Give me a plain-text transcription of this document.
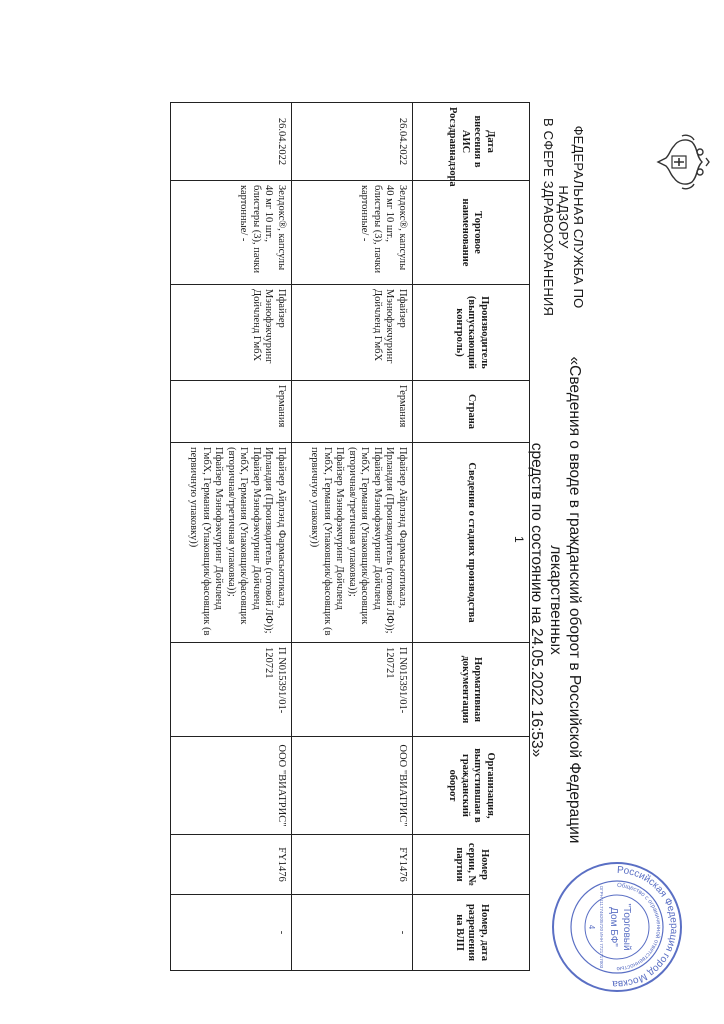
ФЕДЕРАЛЬНАЯ СЛУЖБА ПО НАДЗОРУ
В СФЕРЕ ЗДРАВООХРАНЕНИЯ
«Сведения о вводе в гражданский оборот в Российской Федерации лекарственных
средств по состоянию на 24.05.2022 16:53»
Дата внесения в АИС Росздравнадзора	Торговое наименование	Производитель (выпускающий контроль)	Страна	Сведения о стадиях производства	Нормативная документация	Организация, выпустившая в гражданский оборот	Номер серии, № партии	Номер, дата разрешения на ВЛП
26.04.2022	Зелдокс®, капсулы 40 мг 10 шт., блистеры (3), пачки картонные/ -	Пфайзер Мэнюфэкчуринг Дойчленд ГмбХ	Германия	Пфайзер Айрлэнд Фармасьютикалз, Ирландия (Производитель (готовой ЛФ)); Пфайзер Мэнюфэкчуринг Дойчленд ГмбХ, Германия (Упаковщик/фасовщик (вторичная/третичная упаковка)); Пфайзер Мэнюфэкчуринг Дойчленд ГмбХ, Германия (Упаковщик/фасовщик (в первичную упаковку))	П N015391/01-120721	ООО "ВИАТРИС"	FY1476	-
26.04.2022	Зелдокс®, капсулы 40 мг 10 шт., блистеры (3), пачки картонные/ -	Пфайзер Мэнюфэкчуринг Дойчленд ГмбХ	Германия	Пфайзер Айрлэнд Фармасьютикалз, Ирландия (Производитель (готовой ЛФ)); Пфайзер Мэнюфэкчуринг Дойчленд ГмбХ, Германия (Упаковщик/фасовщик (вторичная/третичная упаковка)); Пфайзер Мэнюфэкчуринг Дойчленд ГмбХ, Германия (Упаковщик/фасовщик (в первичную упаковку))	П N015391/01-120721	ООО "ВИАТРИС"	FY1476	-
1
Российская Федерация город Москва
Общество с ограниченной ответственностью
"Торговый
Дом БФ"
ОГРН 1117746205720 ИНН 7721717003
4
